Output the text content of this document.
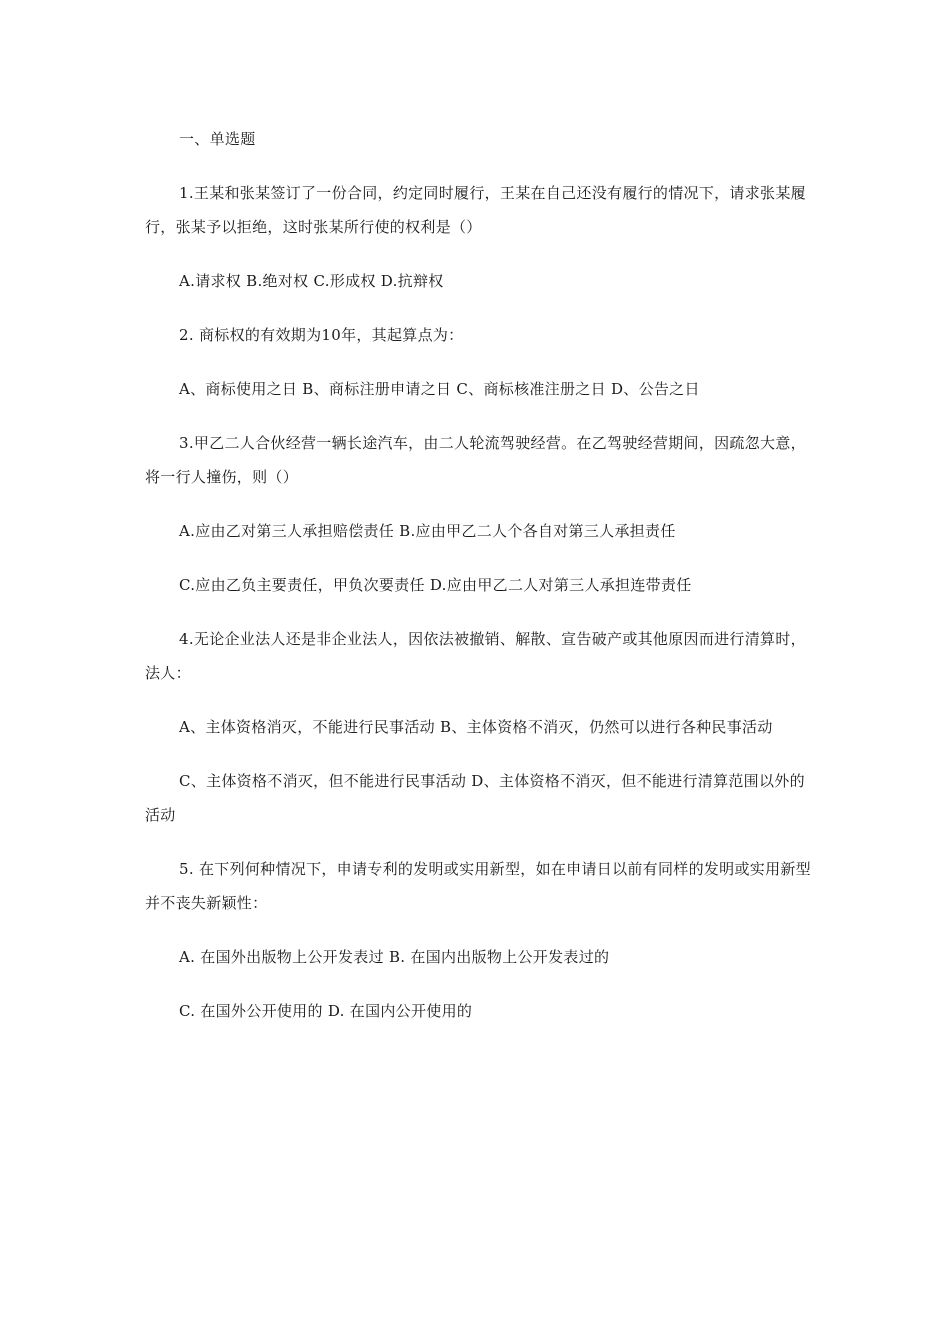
一、单选题

1.王某和张某签订了一份合同，约定同时履行，王某在自己还没有履行的情况下，请求张某履行，张某予以拒绝，这时张某所行使的权利是（）

A.请求权 B.绝对权 C.形成权 D.抗辩权

2. 商标权的有效期为10年，其起算点为：

A、商标使用之日 B、商标注册申请之日 C、商标核准注册之日 D、公告之日

3.甲乙二人合伙经营一辆长途汽车，由二人轮流驾驶经营。在乙驾驶经营期间，因疏忽大意，将一行人撞伤，则（）

A.应由乙对第三人承担赔偿责任 B.应由甲乙二人个各自对第三人承担责任

C.应由乙负主要责任，甲负次要责任 D.应由甲乙二人对第三人承担连带责任

4.无论企业法人还是非企业法人，因依法被撤销、解散、宣告破产或其他原因而进行清算时，法人：

A、主体资格消灭，不能进行民事活动 B、主体资格不消灭，仍然可以进行各种民事活动

C、主体资格不消灭，但不能进行民事活动 D、主体资格不消灭，但不能进行清算范围以外的活动

5. 在下列何种情况下，申请专利的发明或实用新型，如在申请日以前有同样的发明或实用新型并不丧失新颖性：

A. 在国外出版物上公开发表过 B. 在国内出版物上公开发表过的

C. 在国外公开使用的 D. 在国内公开使用的
